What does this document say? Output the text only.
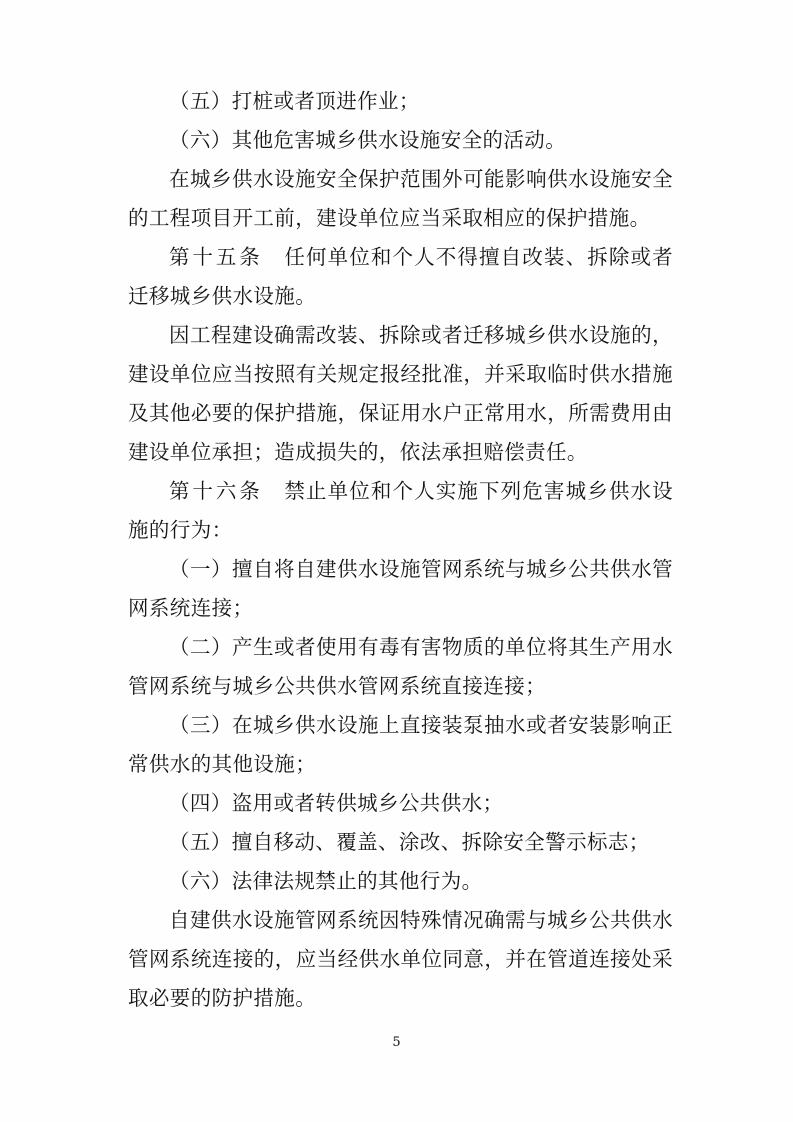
（五）打桩或者顶进作业；

（六）其他危害城乡供水设施安全的活动。

在城乡供水设施安全保护范围外可能影响供水设施安全的工程项目开工前，建设单位应当采取相应的保护措施。

第十五条　任何单位和个人不得擅自改装、拆除或者迁移城乡供水设施。

因工程建设确需改装、拆除或者迁移城乡供水设施的，建设单位应当按照有关规定报经批准，并采取临时供水措施及其他必要的保护措施，保证用水户正常用水，所需费用由建设单位承担；造成损失的，依法承担赔偿责任。

第十六条　禁止单位和个人实施下列危害城乡供水设施的行为：

（一）擅自将自建供水设施管网系统与城乡公共供水管网系统连接；

（二）产生或者使用有毒有害物质的单位将其生产用水管网系统与城乡公共供水管网系统直接连接；

（三）在城乡供水设施上直接装泵抽水或者安装影响正常供水的其他设施；

（四）盗用或者转供城乡公共供水；

（五）擅自移动、覆盖、涂改、拆除安全警示标志；

（六）法律法规禁止的其他行为。

自建供水设施管网系统因特殊情况确需与城乡公共供水管网系统连接的，应当经供水单位同意，并在管道连接处采取必要的防护措施。

5
